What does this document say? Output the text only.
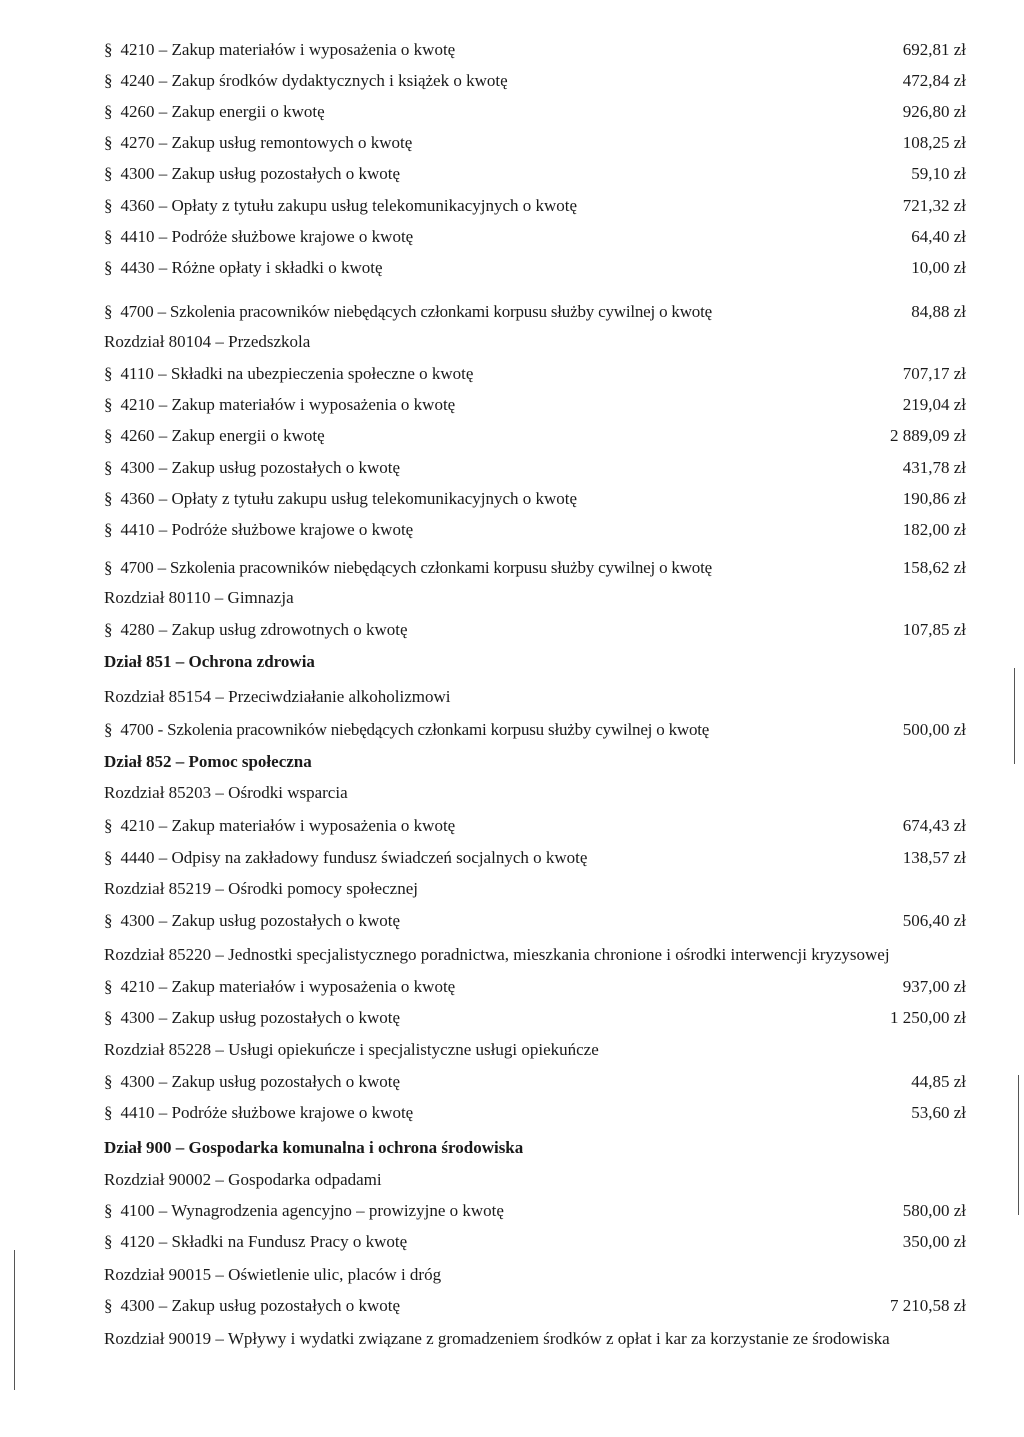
§ 4210 – Zakup materiałów i wyposażenia o kwotę	692,81 zł
§ 4240 – Zakup środków dydaktycznych i książek o kwotę	472,84 zł
§ 4260 – Zakup energii o kwotę	926,80 zł
§ 4270 – Zakup usług remontowych o kwotę	108,25 zł
§ 4300 – Zakup usług pozostałych o kwotę	59,10 zł
§ 4360 – Opłaty z tytułu zakupu usług telekomunikacyjnych o kwotę	721,32 zł
§ 4410 – Podróże służbowe krajowe o kwotę	64,40 zł
§ 4430 – Różne opłaty i składki o kwotę	10,00 zł
§ 4700 – Szkolenia pracowników niebędących członkami korpusu służby cywilnej o kwotę	84,88 zł
Rozdział 80104 – Przedszkola
§ 4110 – Składki na ubezpieczenia społeczne o kwotę	707,17 zł
§ 4210 – Zakup materiałów i wyposażenia o kwotę	219,04 zł
§ 4260 – Zakup energii o kwotę	2 889,09 zł
§ 4300 – Zakup usług pozostałych o kwotę	431,78 zł
§ 4360 – Opłaty z tytułu zakupu usług telekomunikacyjnych o kwotę	190,86 zł
§ 4410 – Podróże służbowe krajowe o kwotę	182,00 zł
§ 4700 – Szkolenia pracowników niebędących członkami korpusu służby cywilnej o kwotę	158,62 zł
Rozdział 80110 – Gimnazja
§ 4280 – Zakup usług zdrowotnych o kwotę	107,85 zł
Dział 851 – Ochrona zdrowia
Rozdział 85154 – Przeciwdziałanie alkoholizmowi
§ 4700 - Szkolenia pracowników niebędących członkami korpusu służby cywilnej o kwotę	500,00 zł
Dział 852 – Pomoc społeczna
Rozdział 85203 – Ośrodki wsparcia
§ 4210 – Zakup materiałów i wyposażenia o kwotę	674,43 zł
§ 4440 – Odpisy na zakładowy fundusz świadczeń socjalnych o kwotę	138,57 zł
Rozdział 85219 – Ośrodki pomocy społecznej
§ 4300 – Zakup usług pozostałych o kwotę	506,40 zł
Rozdział 85220 – Jednostki specjalistycznego poradnictwa, mieszkania chronione i ośrodki interwencji kryzysowej
§ 4210 – Zakup materiałów i wyposażenia o kwotę	937,00 zł
§ 4300 – Zakup usług pozostałych o kwotę	1 250,00 zł
Rozdział 85228 – Usługi opiekuńcze i specjalistyczne usługi opiekuńcze
§ 4300 – Zakup usług pozostałych o kwotę	44,85 zł
§ 4410 – Podróże służbowe krajowe o kwotę	53,60 zł
Dział 900 – Gospodarka komunalna i ochrona środowiska
Rozdział 90002 – Gospodarka odpadami
§ 4100 – Wynagrodzenia agencyjno – prowizyjne o kwotę	580,00 zł
§ 4120 – Składki na Fundusz Pracy o kwotę	350,00 zł
Rozdział 90015 – Oświetlenie ulic, placów i dróg
§ 4300 – Zakup usług pozostałych o kwotę	7 210,58 zł
Rozdział 90019 – Wpływy i wydatki związane z gromadzeniem środków z opłat i kar za korzystanie ze środowiska
